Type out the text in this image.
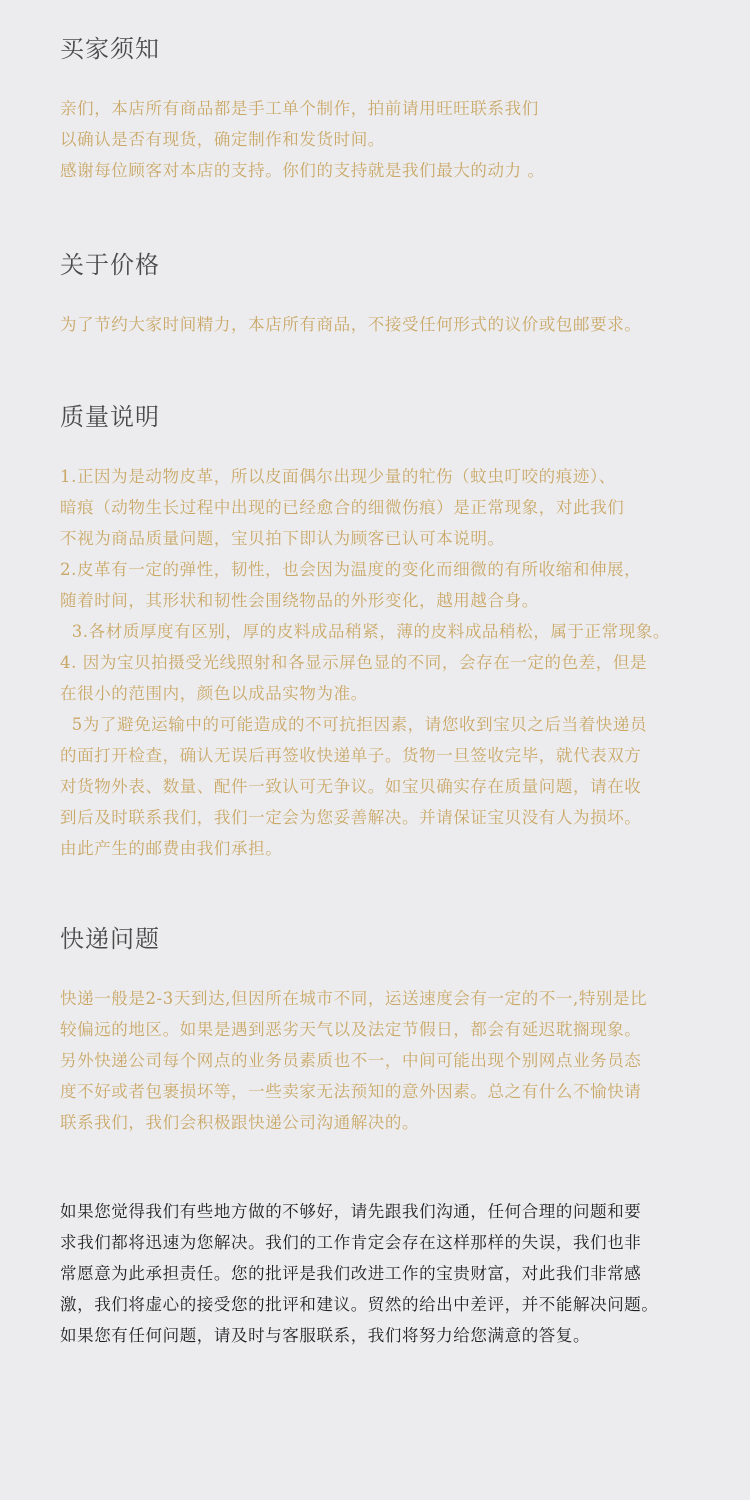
买家须知
亲们，本店所有商品都是手工单个制作，拍前请用旺旺联系我们
以确认是否有现货，确定制作和发货时间。
感谢每位顾客对本店的支持。你们的支持就是我们最大的动力 。
关于价格
为了节约大家时间精力，本店所有商品，不接受任何形式的议价或包邮要求。
质量说明
1.正因为是动物皮革，所以皮面偶尔出现少量的牤伤（蚊虫叮咬的痕迹）、
暗痕（动物生长过程中出现的已经愈合的细微伤痕）是正常现象，对此我们
不视为商品质量问题，宝贝拍下即认为顾客已认可本说明。
2.皮革有一定的弹性，韧性，也会因为温度的变化而细微的有所收缩和伸展，
随着时间，其形状和韧性会围绕物品的外形变化，越用越合身。
3.各材质厚度有区别，厚的皮料成品稍紧，薄的皮料成品稍松，属于正常现象。
4. 因为宝贝拍摄受光线照射和各显示屏色显的不同，会存在一定的色差，但是
在很小的范围内，颜色以成品实物为准。
5为了避免运输中的可能造成的不可抗拒因素，请您收到宝贝之后当着快递员
的面打开检查，确认无误后再签收快递单子。货物一旦签收完毕，就代表双方
对货物外表、数量、配件一致认可无争议。如宝贝确实存在质量问题，请在收
到后及时联系我们，我们一定会为您妥善解决。并请保证宝贝没有人为损坏。
由此产生的邮费由我们承担。
快递问题
快递一般是2-3天到达,但因所在城市不同，运送速度会有一定的不一,特别是比
较偏远的地区。如果是遇到恶劣天气以及法定节假日，都会有延迟耽搁现象。
另外快递公司每个网点的业务员素质也不一，中间可能出现个别网点业务员态
度不好或者包裹损坏等，一些卖家无法预知的意外因素。总之有什么不愉快请
联系我们，我们会积极跟快递公司沟通解决的。
如果您觉得我们有些地方做的不够好，请先跟我们沟通，任何合理的问题和要
求我们都将迅速为您解决。我们的工作肯定会存在这样那样的失误，我们也非
常愿意为此承担责任。您的批评是我们改进工作的宝贵财富，对此我们非常感
激，我们将虚心的接受您的批评和建议。贸然的给出中差评，并不能解决问题。
如果您有任何问题，请及时与客服联系，我们将努力给您满意的答复。
